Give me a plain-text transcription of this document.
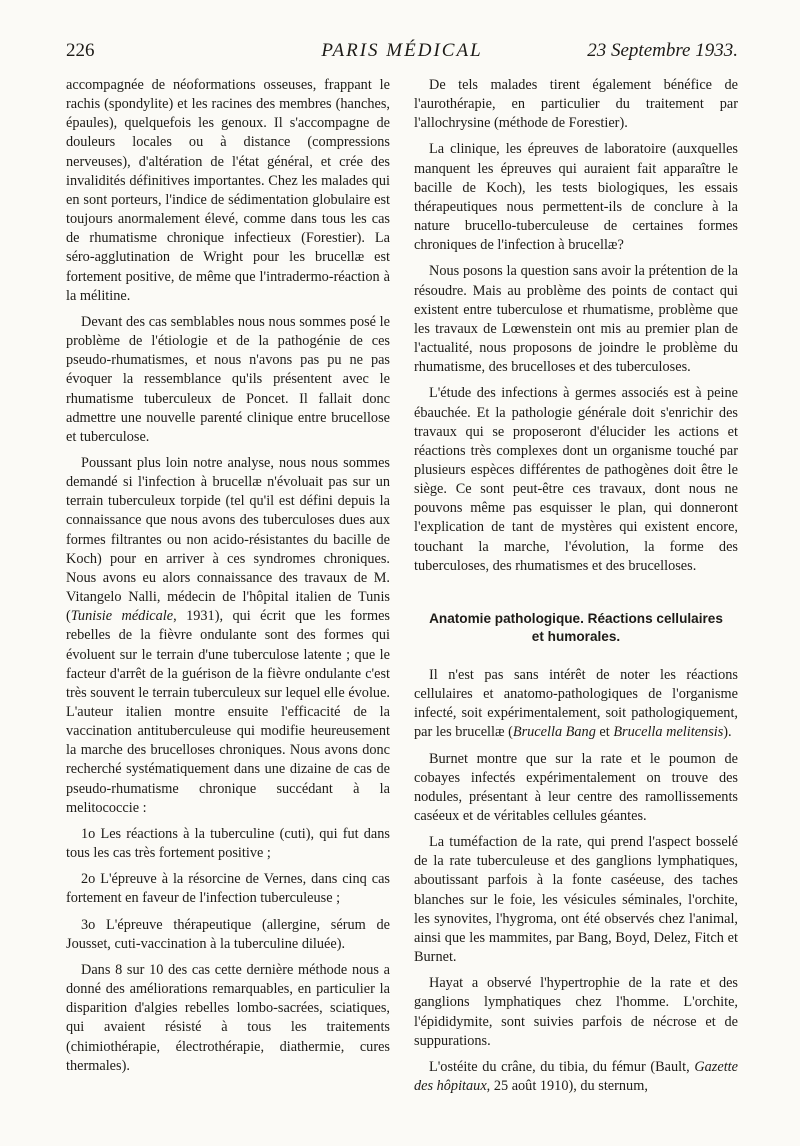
226	PARIS MÉDICAL	23 Septembre 1933.

accompagnée de néoformations osseuses, frappant le rachis (spondylite) et les racines des membres (hanches, épaules), quelquefois les genoux. Il s'accompagne de douleurs locales ou à distance (compressions nerveuses), d'altération de l'état général, et crée des invalidités définitives importantes. Chez les malades qui en sont porteurs, l'indice de sédimentation globulaire est toujours anormalement élevé, comme dans tous les cas de rhumatisme chronique infectieux (Forestier). La séro-agglutination de Wright pour les brucellæ est fortement positive, de même que l'intradermo-réaction à la mélitine.

Devant des cas semblables nous nous sommes posé le problème de l'étiologie et de la pathogénie de ces pseudo-rhumatismes, et nous n'avons pas pu ne pas évoquer la ressemblance qu'ils présentent avec le rhumatisme tuberculeux de Poncet. Il fallait donc admettre une nouvelle parenté clinique entre brucellose et tuberculose.

Poussant plus loin notre analyse, nous nous sommes demandé si l'infection à brucellæ n'évoluait pas sur un terrain tuberculeux torpide (tel qu'il est défini depuis la connaissance que nous avons des tuberculoses dues aux formes filtrantes ou non acido-résistantes du bacille de Koch) pour en arriver à ces syndromes chroniques. Nous avons eu alors connaissance des travaux de M. Vitangelo Nalli, médecin de l'hôpital italien de Tunis (Tunisie médicale, 1931), qui écrit que les formes rebelles de la fièvre ondulante sont des formes qui évoluent sur le terrain d'une tuberculose latente ; que le facteur d'arrêt de la guérison de la fièvre ondulante c'est très souvent le terrain tuberculeux sur lequel elle évolue. L'auteur italien montre ensuite l'efficacité de la vaccination antituberculeuse qui modifie heureusement la marche des brucelloses chroniques. Nous avons donc recherché systématiquement dans une dizaine de cas de pseudo-rhumatisme chronique succédant à la melitococcie :

1o Les réactions à la tuberculine (cuti), qui fut dans tous les cas très fortement positive ;

2o L'épreuve à la résorcine de Vernes, dans cinq cas fortement en faveur de l'infection tuberculeuse ;

3o L'épreuve thérapeutique (allergine, sérum de Jousset, cuti-vaccination à la tuberculine diluée).

Dans 8 sur 10 des cas cette dernière méthode nous a donné des améliorations remarquables, en particulier la disparition d'algies rebelles lombo-sacrées, sciatiques, qui avaient résisté à tous les traitements (chimiothérapie, électrothérapie, diathermie, cures thermales).

De tels malades tirent également bénéfice de l'aurothérapie, en particulier du traitement par l'allochrysine (méthode de Forestier).

La clinique, les épreuves de laboratoire (auxquelles manquent les épreuves qui auraient fait apparaître le bacille de Koch), les tests biologiques, les essais thérapeutiques nous permettent-ils de conclure à la nature brucello-tuberculeuse de certaines formes chroniques de l'infection à brucellæ?

Nous posons la question sans avoir la prétention de la résoudre. Mais au problème des points de contact qui existent entre tuberculose et rhumatisme, problème que les travaux de Lœwenstein ont mis au premier plan de l'actualité, nous proposons de joindre le problème du rhumatisme, des brucelloses et des tuberculoses.

L'étude des infections à germes associés est à peine ébauchée. Et la pathologie générale doit s'enrichir des travaux qui se proposeront d'élucider les actions et réactions très complexes dont un organisme touché par plusieurs espèces différentes de pathogènes doit être le siège. Ce sont peut-être ces travaux, dont nous ne pouvons même pas esquisser le plan, qui donneront l'explication de tant de mystères qui existent encore, touchant la marche, l'évolution, la forme des tuberculoses, des rhumatismes et des brucelloses.

Anatomie pathologique. Réactions cellulaires
et humorales.

Il n'est pas sans intérêt de noter les réactions cellulaires et anatomo-pathologiques de l'organisme infecté, soit expérimentalement, soit pathologiquement, par les brucellæ (Brucella Bang et Brucella melitensis).

Burnet montre que sur la rate et le poumon de cobayes infectés expérimentalement on trouve des nodules, présentant à leur centre des ramollissements caséeux et de véritables cellules géantes.

La tuméfaction de la rate, qui prend l'aspect bosselé de la rate tuberculeuse et des ganglions lymphatiques, aboutissant parfois à la fonte caséeuse, des taches blanches sur le foie, les vésicules séminales, l'orchite, les synovites, l'hygroma, ont été observés chez l'animal, ainsi que les mammites, par Bang, Boyd, Delez, Fitch et Burnet.

Hayat a observé l'hypertrophie de la rate et des ganglions lymphatiques chez l'homme. L'orchite, l'épididymite, sont suivies parfois de nécrose et de suppurations.

L'ostéite du crâne, du tibia, du fémur (Bault, Gazette des hôpitaux, 25 août 1910), du sternum,
